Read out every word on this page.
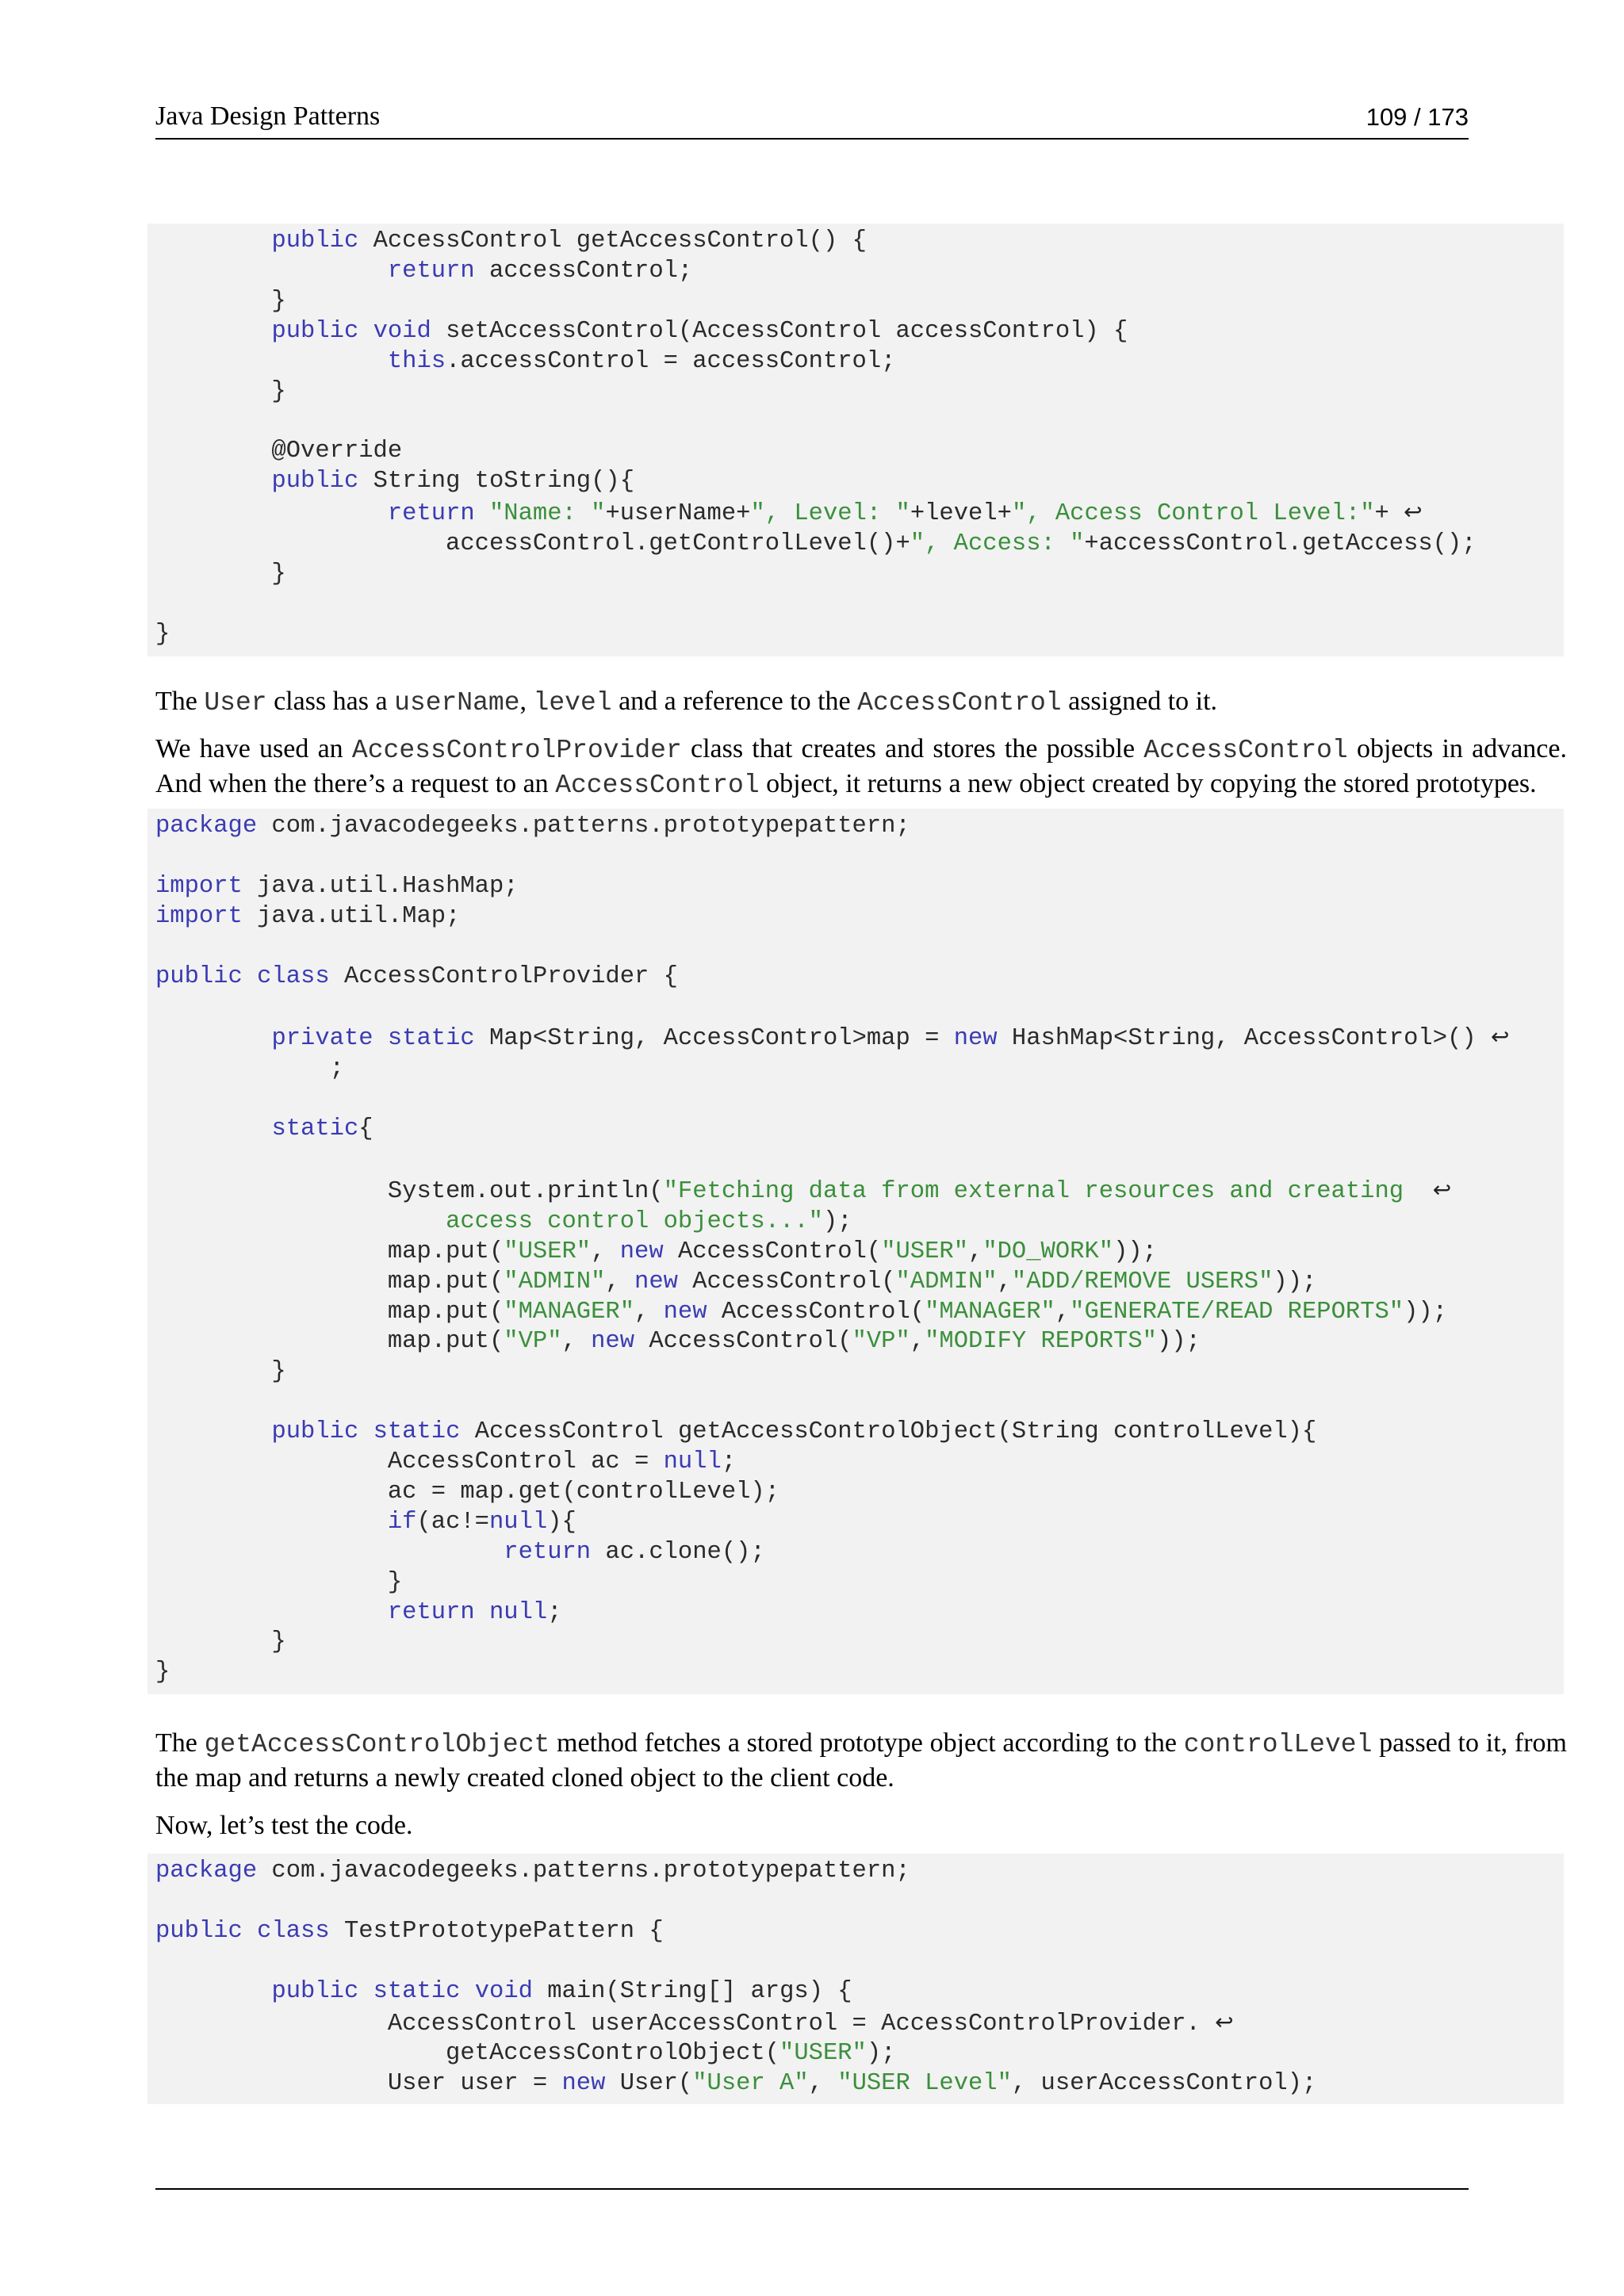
Java Design Patterns	109 / 173
public AccessControl getAccessControl() {
return accessControl;
}
public void setAccessControl(AccessControl accessControl) {
this.accessControl = accessControl;
}

@Override
public String toString(){
return "Name: "+userName+", Level: "+level+", Access Control Level:"+ ↩
accessControl.getControlLevel()+", Access: "+accessControl.getAccess();
}

}

The User class has a userName, level and a reference to the AccessControl assigned to it.

We have used an AccessControlProvider class that creates and stores the possible AccessControl objects in advance. And when the there’s a request to an AccessControl object, it returns a new object created by copying the stored prototypes.

package com.javacodegeeks.patterns.prototypepattern;

import java.util.HashMap;
import java.util.Map;

public class AccessControlProvider {

private static Map<String, AccessControl>map = new HashMap<String, AccessControl>() ↩
;

static{

System.out.println("Fetching data from external resources and creating  ↩
access control objects...");
map.put("USER", new AccessControl("USER","DO_WORK"));
map.put("ADMIN", new AccessControl("ADMIN","ADD/REMOVE USERS"));
map.put("MANAGER", new AccessControl("MANAGER","GENERATE/READ REPORTS"));
map.put("VP", new AccessControl("VP","MODIFY REPORTS"));
}

public static AccessControl getAccessControlObject(String controlLevel){
AccessControl ac = null;
ac = map.get(controlLevel);
if(ac!=null){
return ac.clone();
}
return null;
}
}

The getAccessControlObject method fetches a stored prototype object according to the controlLevel passed to it, from the map and returns a newly created cloned object to the client code.

Now, let’s test the code.

package com.javacodegeeks.patterns.prototypepattern;

public class TestPrototypePattern {

public static void main(String[] args) {
AccessControl userAccessControl = AccessControlProvider. ↩
getAccessControlObject("USER");
User user = new User("User A", "USER Level", userAccessControl);
